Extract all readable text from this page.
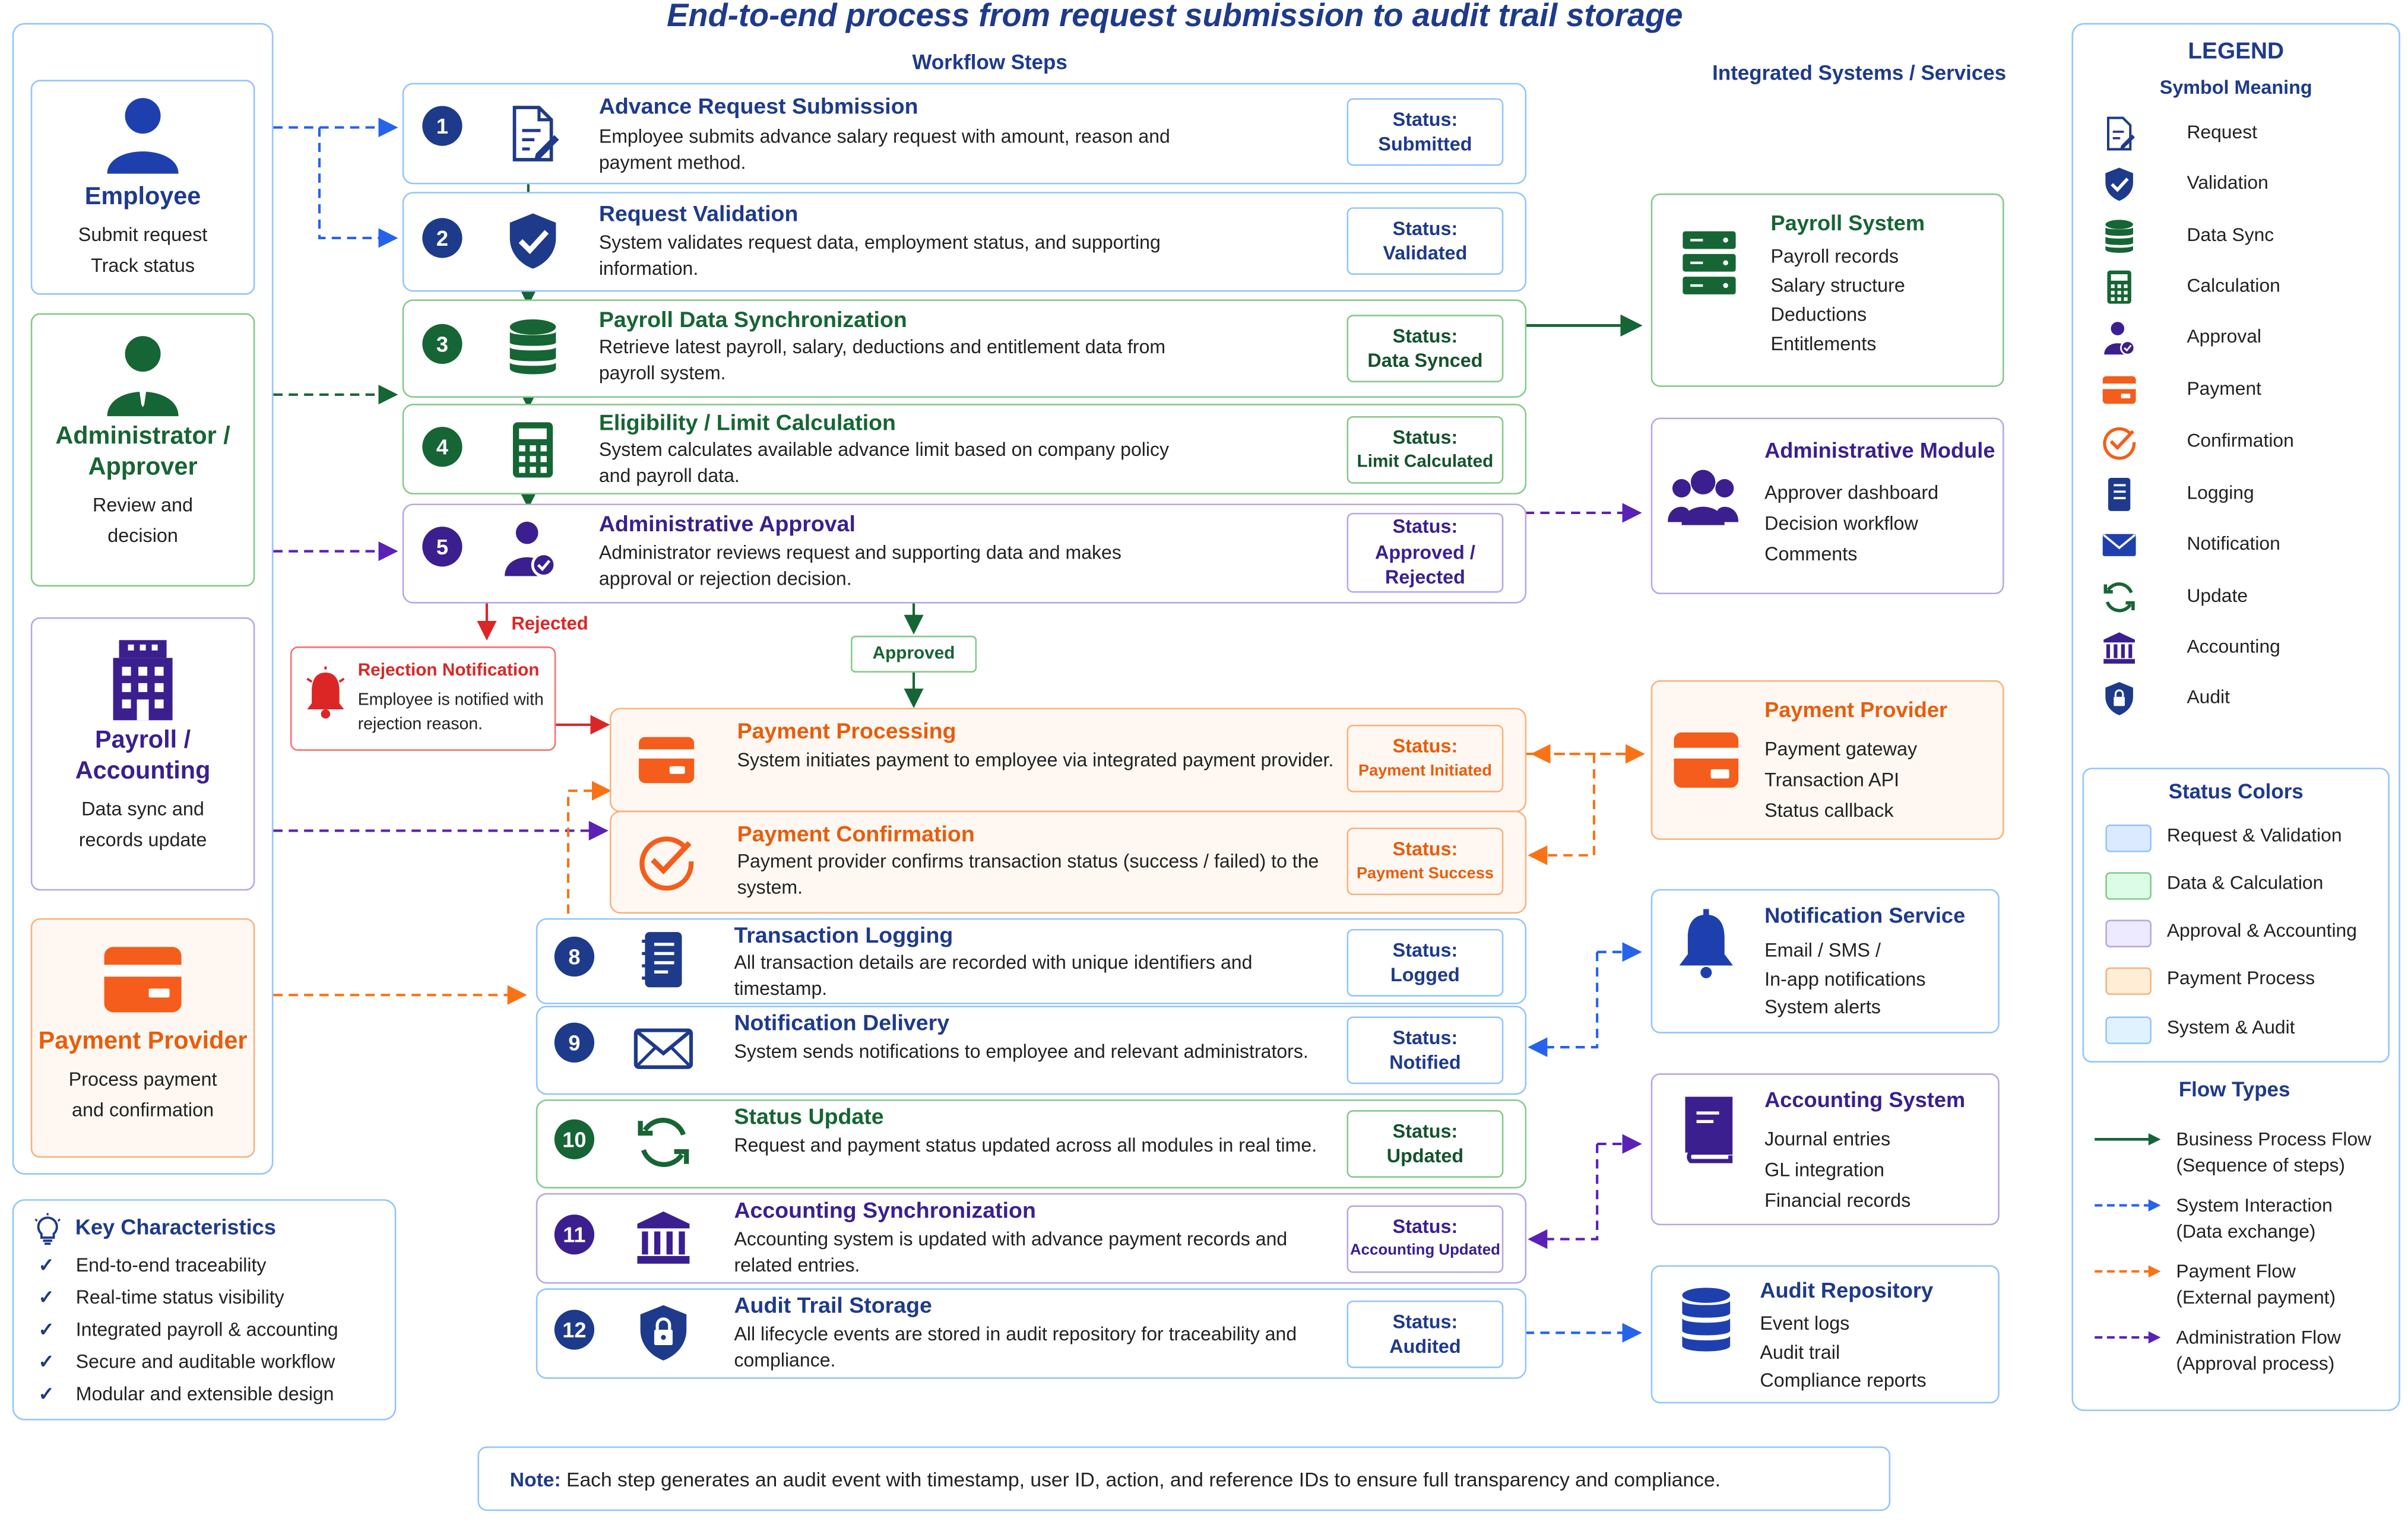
End-to-end process from request submission to audit trail storage
Workflow Steps	Integrated Systems / Services
Employee
Submit request
Track status
Administrator / Approver
Review and
decision
Payroll / Accounting
Data sync and
records update
Payment Provider
Process payment
and confirmation
Key Characteristics
✓	End-to-end traceability
✓	Real-time status visibility
✓	Integrated payroll & accounting
✓	Secure and auditable workflow
✓	Modular and extensible design
1
Advance Request Submission
Employee submits advance salary request with amount, reason and payment method.
Status:
Submitted
2
Request Validation
System validates request data, employment status, and supporting information.
Status:
Validated
3
Payroll Data Synchronization
Retrieve latest payroll, salary, deductions and entitlement data from payroll system.
Status:
Data Synced
4
Eligibility / Limit Calculation
System calculates available advance limit based on company policy and payroll data.
Status:
Limit Calculated
5
Administrative Approval
Administrator reviews request and supporting data and makes approval or rejection decision.
Status:
Approved / Rejected
Rejected
Rejection Notification
Employee is notified with rejection reason.
Approved
Payment Processing
System initiates payment to employee via integrated payment provider.
Status:
Payment Initiated
Payment Confirmation
Payment provider confirms transaction status (success / failed) to the system.
Status:
Payment Success
8
Transaction Logging
All transaction details are recorded with unique identifiers and timestamp.
Status:
Logged
9
Notification Delivery
System sends notifications to employee and relevant administrators.
Status:
Notified
10
Status Update
Request and payment status updated across all modules in real time.
Status:
Updated
11
Accounting Synchronization
Accounting system is updated with advance payment records and related entries.
Status:
Accounting Updated
12
Audit Trail Storage
All lifecycle events are stored in audit repository for traceability and compliance.
Status:
Audited
Payroll System
Payroll records
Salary structure
Deductions
Entitlements
Administrative Module
Approver dashboard
Decision workflow
Comments
Payment Provider
Payment gateway
Transaction API
Status callback
Notification Service
Email / SMS /
In-app notifications
System alerts
Accounting System
Journal entries
GL integration
Financial records
Audit Repository
Event logs
Audit trail
Compliance reports
LEGEND
Symbol Meaning
Request
Validation
Data Sync
Calculation
Approval
Payment
Confirmation
Logging
Notification
Update
Accounting
Audit
Status Colors
Request & Validation
Data & Calculation
Approval & Accounting
Payment Process
System & Audit
Flow Types
Business Process Flow
(Sequence of steps)
System Interaction
(Data exchange)
Payment Flow
(External payment)
Administration Flow
(Approval process)
Note: Each step generates an audit event with timestamp, user ID, action, and reference IDs to ensure full transparency and compliance.
